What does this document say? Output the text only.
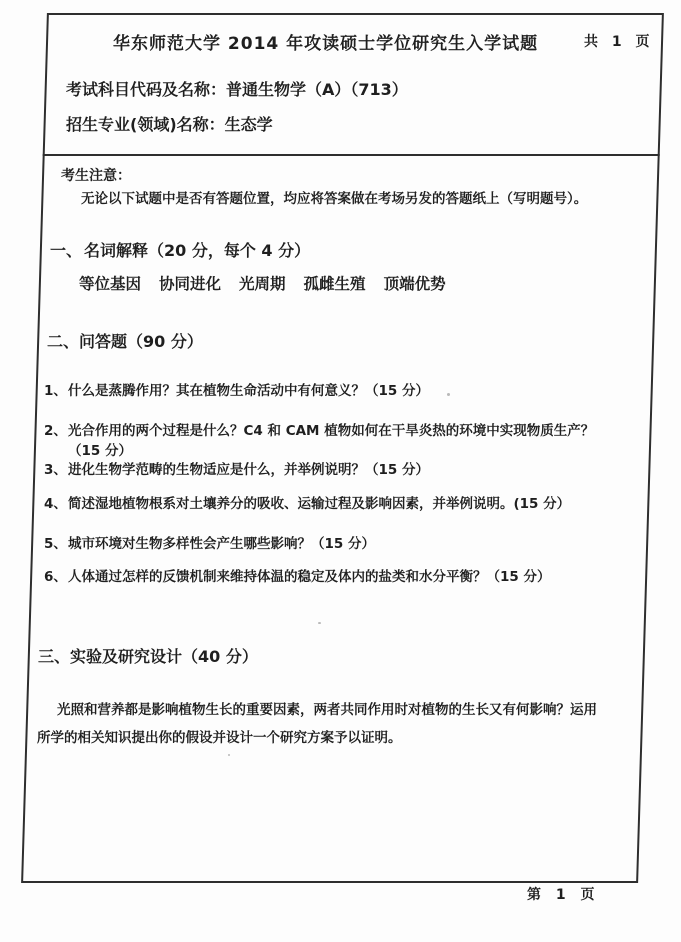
华东师范大学 2014 年攻读硕士学位研究生入学试题	共 1 页
考试科目代码及名称：普通生物学（A）（713）
招生专业(领域)名称：生态学
考生注意：
无论以下试题中是否有答题位置，均应将答案做在考场另发的答题纸上（写明题号）。
一、 名词解释（20 分，每个 4 分）
等位基因 协同进化 光周期 孤雌生殖 顶端优势
二、问答题（90 分）
1、 什么是蒸腾作用？其在植物生命活动中有何意义？（15 分）
2、 光合作用的两个过程是什么？C4 和 CAM 植物如何在干旱炎热的环境中实现物质生产？（15 分）
3、 进化生物学范畴的生物适应是什么，并举例说明？（15 分）
4、 简述湿地植物根系对土壤养分的吸收、运输过程及影响因素，并举例说明。(15 分）
5、 城市环境对生物多样性会产生哪些影响？（15 分）
6、 人体通过怎样的反馈机制来维持体温的稳定及体内的盐类和水分平衡？（15 分）
三、实验及研究设计（40 分）
光照和营养都是影响植物生长的重要因素，两者共同作用时对植物的生长又有何影响？运用所学的相关知识提出你的假设并设计一个研究方案予以证明。
第 1 页
